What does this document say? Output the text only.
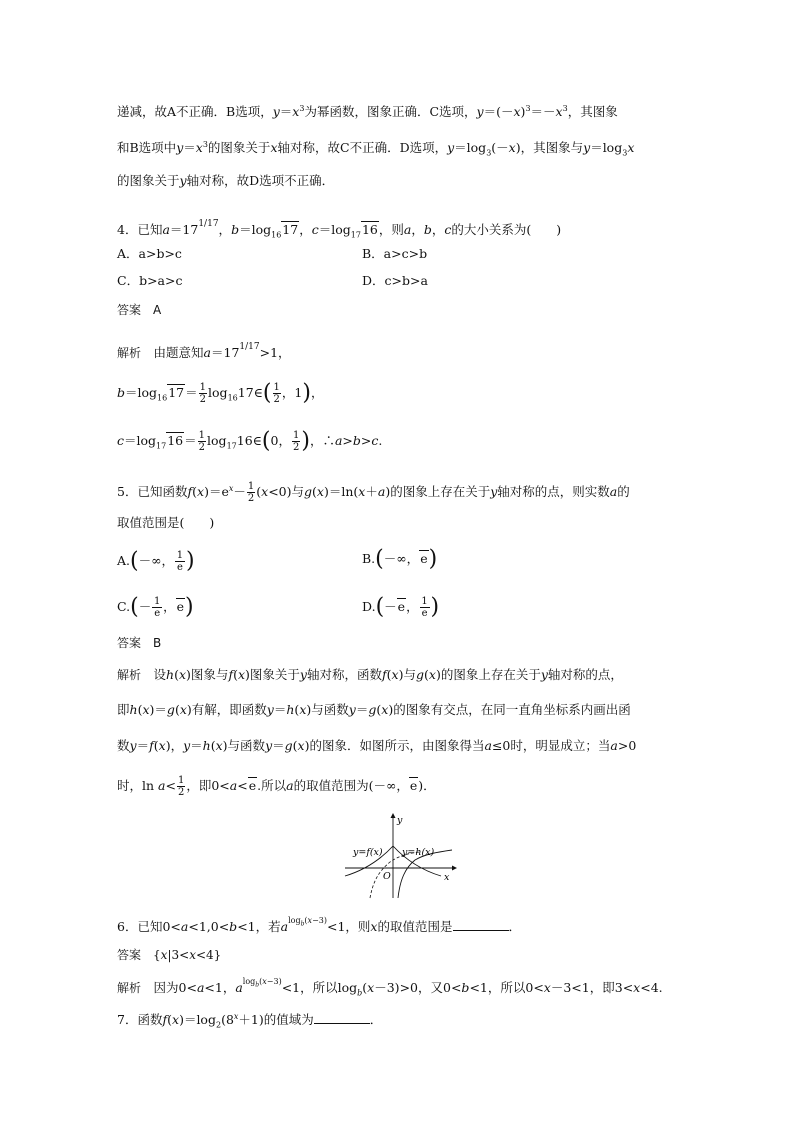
递减，故A不正确．B选项，$y=x^3$为幂函数，图象正确．C选项，$y=(-x)^3=-x^3$，其图象
和B选项中$y=x^3$的图象关于x轴对称，故C不正确．D选项，$y=\log_3(-x)$，其图象与$y=\log_3x$
的图象关于y轴对称，故D选项不正确．
4．已知$a=17^{1/17}$，$b=\log_{16}17$，$c=\log_{17}16$，则a，b，c的大小关系为(　　)
A．a>b>c	B．a>c>b
C．b>a>c	D．c>b>a
答案　 A
解析　 由题意知$a=17^{1/17}>1$，
$b=\log_{16}17= \frac{1}{2}$ $\log_{16}17\in( \frac{1}{2}$ ，1)，
$c=\log_{17}16= \frac{1}{2}$ $\log_{17}16\in(0$， $\frac{1}{2}$ )，∴a>b>c.
5．已知函数$f(x)=e^x- \frac{1}{2} (x<0)$与g(x)＝ln(x＋a)的图象上存在关于y轴对称的点，则实数a的
取值范围是(　　)
A.(－∞， $\frac{1}{e}$ )	B.(－∞，e)
$C.(- \frac{1}{e}$ ，e)	D.(－e， $\frac{1}{e}$ )
答案　 B
解析　设h(x)图象与f(x)图象关于y轴对称，函数f(x)与g(x)的图象上存在关于y轴对称的点，
即h(x)＝g(x)有解，即函数y＝h(x)与函数y＝g(x)的图象有交点，在同一直角坐标系内画出函
数y＝f(x)，y＝h(x)与函数y＝g(x)的图象．如图所示，由图象得当a≤0时，明显成立；当a>0
时，$\ln a< \frac{1}{2}$ ，即0<a<e.所以a的取值范围为(－∞，e)．
y=f(x) y=h(x)
y
x
O
6．已知0<a<1,0<b<1，若$a^{log_b(x-3)}<1$，则x的取值范围是	．
答案　 {x|3<x<4}
解析　因为0<a<1，$a^{log_b(x-3)}<1$，所以$\log_b(x-3)>0$，又0<b<1，所以0<x－3<1，即3<x<4.
7．函数$f(x)=\log_2(8^x+1)$的值域为	．
